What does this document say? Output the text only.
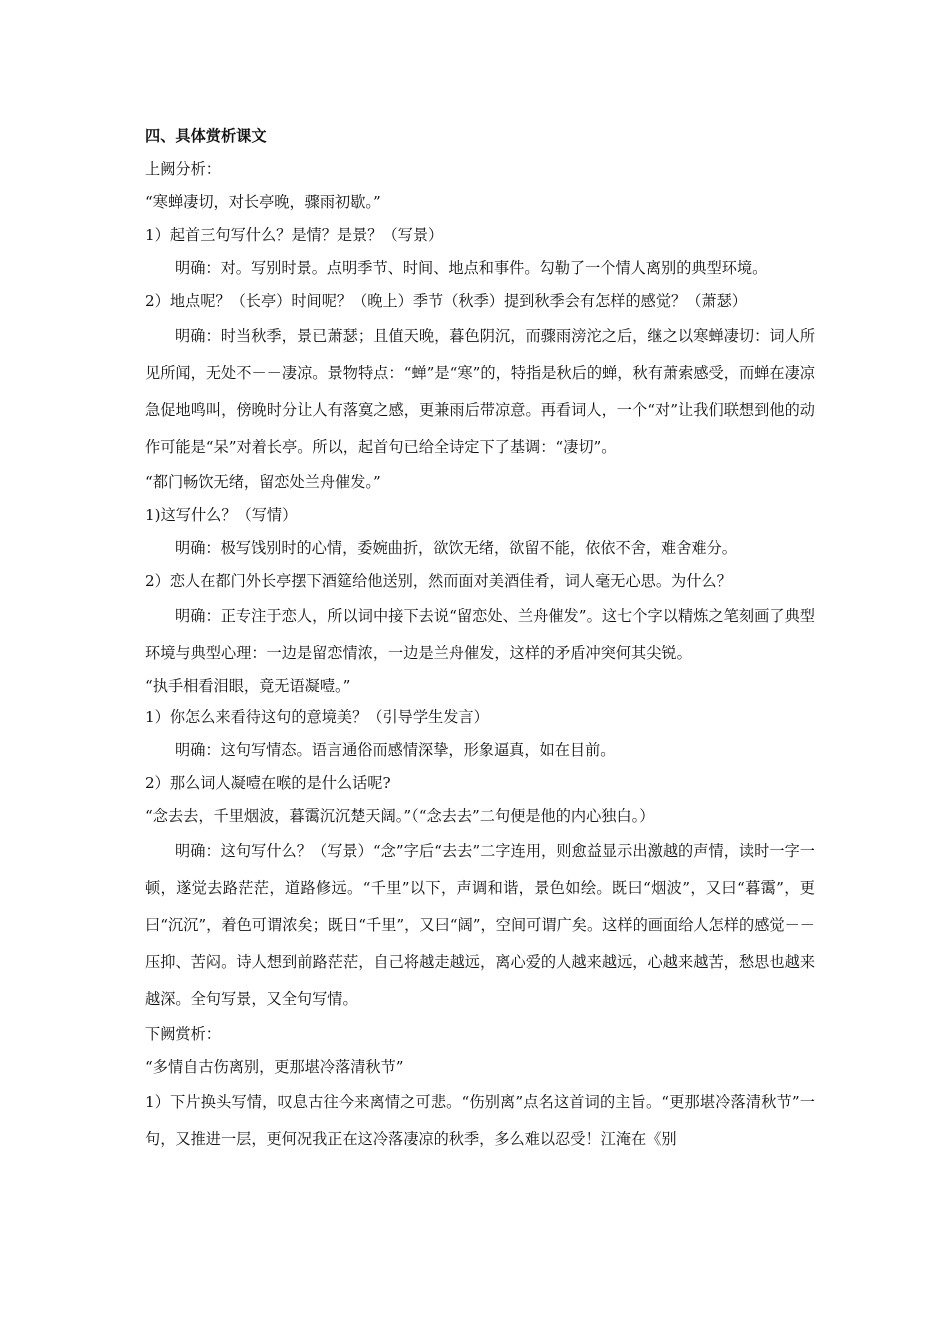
四、具体赏析课文
上阙分析：
“寒蝉凄切，对长亭晚，骤雨初歇。”
1）起首三句写什么？是情？是景？（写景）
明确：对。写别时景。点明季节、时间、地点和事件。勾勒了一个情人离别的典型环境。
2）地点呢？（长亭）时间呢？（晚上）季节（秋季）提到秋季会有怎样的感觉？（萧瑟）
明确：时当秋季，景已萧瑟；且值天晚，暮色阴沉，而骤雨滂沱之后，继之以寒蝉凄切：词人所见所闻，无处不－－凄凉。景物特点：“蝉”是“寒”的，特指是秋后的蝉，秋有萧索感受，而蝉在凄凉急促地鸣叫，傍晚时分让人有落寞之感，更兼雨后带凉意。再看词人，一个“对”让我们联想到他的动作可能是“呆”对着长亭。所以，起首句已给全诗定下了基调：“凄切”。
“都门畅饮无绪，留恋处兰舟催发。”
1)这写什么？（写情）
明确：极写饯别时的心情，委婉曲折，欲饮无绪，欲留不能，依依不舍，难舍难分。
2）恋人在都门外长亭摆下酒筵给他送别，然而面对美酒佳肴，词人毫无心思。为什么？
明确：正专注于恋人，所以词中接下去说“留恋处、兰舟催发”。这七个字以精炼之笔刻画了典型环境与典型心理：一边是留恋情浓，一边是兰舟催发，这样的矛盾冲突何其尖锐。
“执手相看泪眼，竟无语凝噎。”
1）你怎么来看待这句的意境美？（引导学生发言）
明确：这句写情态。语言通俗而感情深挚，形象逼真，如在目前。
2）那么词人凝噎在喉的是什么话呢?
“念去去，千里烟波，暮霭沉沉楚天阔。”（“念去去”二句便是他的内心独白。）
明确：这句写什么？（写景）“念”字后“去去”二字连用，则愈益显示出激越的声情，读时一字一顿，遂觉去路茫茫，道路修远。“千里”以下，声调和谐，景色如绘。既曰“烟波”，又曰“暮霭”，更曰“沉沉”，着色可谓浓矣；既日“千里”，又曰“阔”，空间可谓广矣。这样的画面给人怎样的感觉－－压抑、苦闷。诗人想到前路茫茫，自己将越走越远，离心爱的人越来越远，心越来越苦，愁思也越来越深。全句写景，又全句写情。
下阙赏析：
“多情自古伤离别，更那堪冷落清秋节”
1）下片换头写情，叹息古往今来离情之可悲。“伤别离”点名这首词的主旨。“更那堪冷落清秋节”一句，又推进一层，更何况我正在这冷落凄凉的秋季，多么难以忍受！江淹在《别
